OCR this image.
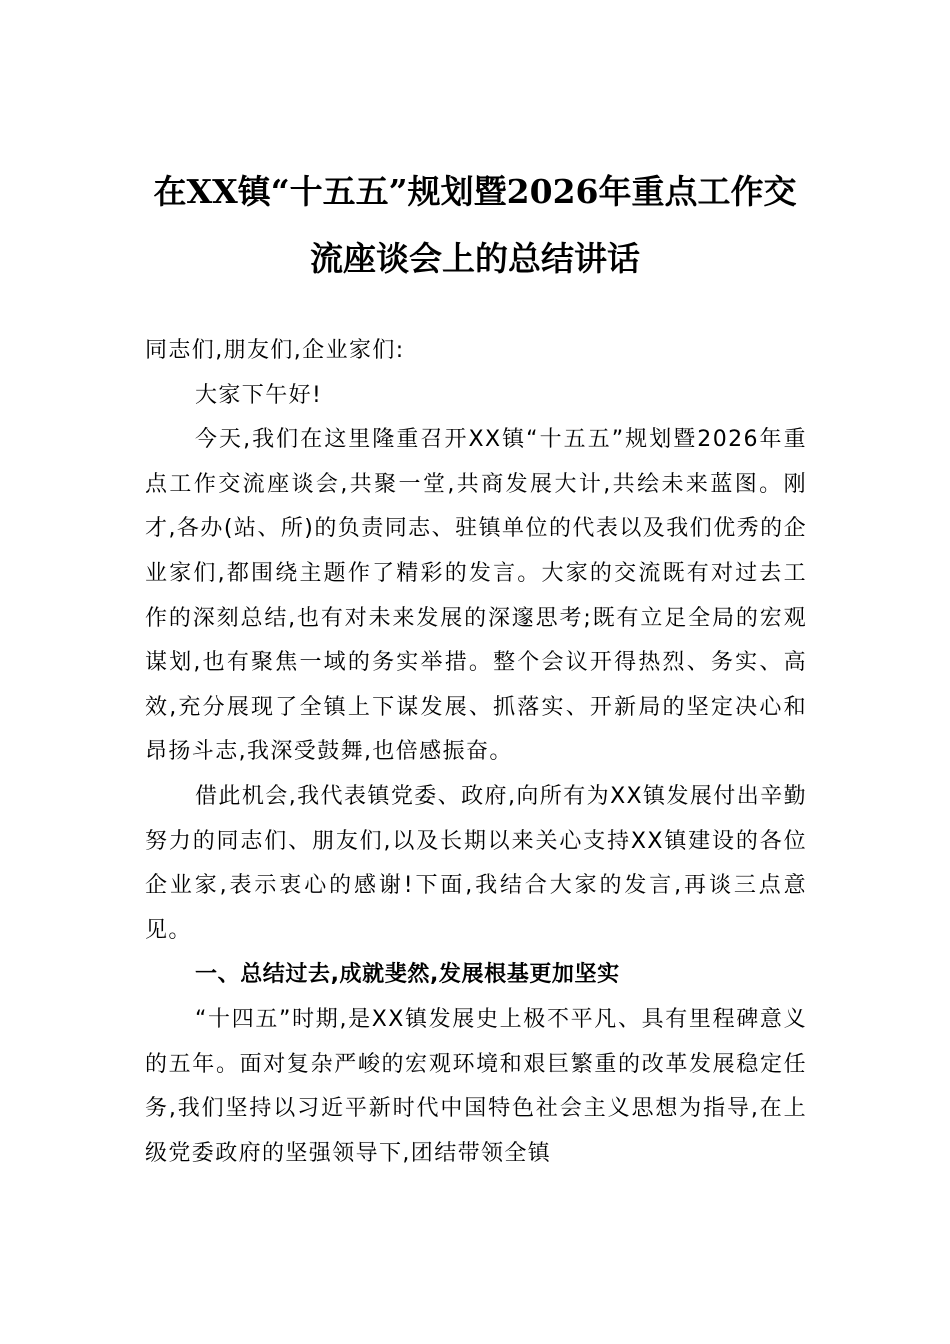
在XX镇“十五五”规划暨2026年重点工作交流座谈会上的总结讲话

同志们,朋友们,企业家们:

大家下午好!

今天,我们在这里隆重召开XX镇“十五五”规划暨2026年重点工作交流座谈会,共聚一堂,共商发展大计,共绘未来蓝图。刚才,各办(站、所)的负责同志、驻镇单位的代表以及我们优秀的企业家们,都围绕主题作了精彩的发言。大家的交流既有对过去工作的深刻总结,也有对未来发展的深邃思考;既有立足全局的宏观谋划,也有聚焦一域的务实举措。整个会议开得热烈、务实、高效,充分展现了全镇上下谋发展、抓落实、开新局的坚定决心和昂扬斗志,我深受鼓舞,也倍感振奋。

借此机会,我代表镇党委、政府,向所有为XX镇发展付出辛勤努力的同志们、朋友们,以及长期以来关心支持XX镇建设的各位企业家,表示衷心的感谢!下面,我结合大家的发言,再谈三点意见。

一、总结过去,成就斐然,发展根基更加坚实

“十四五”时期,是XX镇发展史上极不平凡、具有里程碑意义的五年。面对复杂严峻的宏观环境和艰巨繁重的改革发展稳定任务,我们坚持以习近平新时代中国特色社会主义思想为指导,在上级党委政府的坚强领导下,团结带领全镇
